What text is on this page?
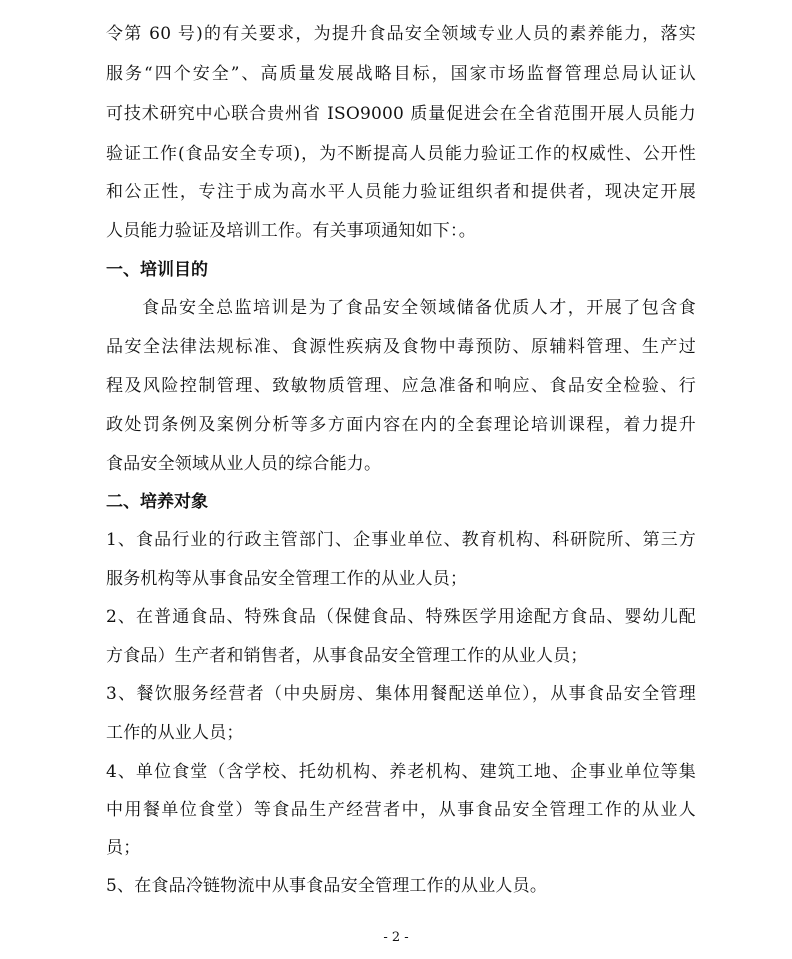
令第 60 号)的有关要求，为提升食品安全领域专业人员的素养能力，落实
服务“四个安全”、高质量发展战略目标，国家市场监督管理总局认证认
可技术研究中心联合贵州省 ISO9000 质量促进会在全省范围开展人员能力
验证工作(食品安全专项)，为不断提高人员能力验证工作的权威性、公开性
和公正性，专注于成为高水平人员能力验证组织者和提供者，现决定开展
人员能力验证及培训工作。有关事项通知如下：。
一、培训目的
食品安全总监培训是为了食品安全领域储备优质人才，开展了包含食
品安全法律法规标准、食源性疾病及食物中毒预防、原辅料管理、生产过
程及风险控制管理、致敏物质管理、应急准备和响应、食品安全检验、行
政处罚条例及案例分析等多方面内容在内的全套理论培训课程，着力提升
食品安全领域从业人员的综合能力。
二、培养对象
1、食品行业的行政主管部门、企事业单位、教育机构、科研院所、第三方
服务机构等从事食品安全管理工作的从业人员；
2、在普通食品、特殊食品（保健食品、特殊医学用途配方食品、婴幼儿配
方食品）生产者和销售者，从事食品安全管理工作的从业人员；
3、餐饮服务经营者（中央厨房、集体用餐配送单位），从事食品安全管理
工作的从业人员；
4、单位食堂（含学校、托幼机构、养老机构、建筑工地、企事业单位等集
中用餐单位食堂）等食品生产经营者中，从事食品安全管理工作的从业人
员；
5、在食品冷链物流中从事食品安全管理工作的从业人员。
- 2 -
